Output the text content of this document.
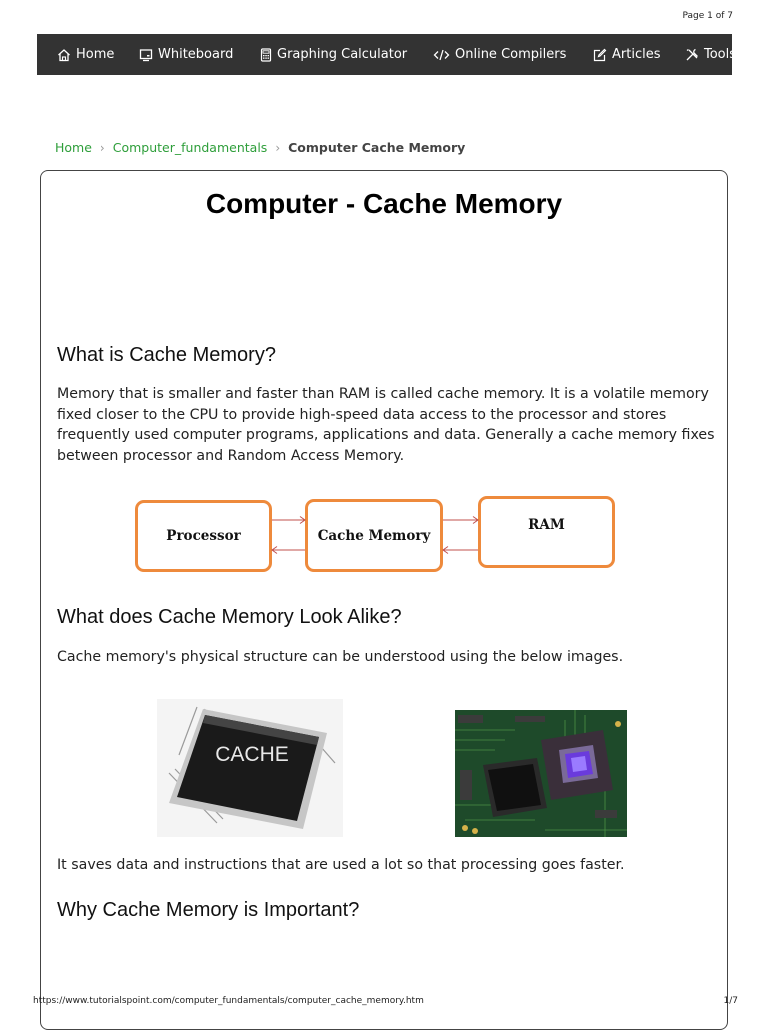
Page 1 of 7
Home	Whiteboard	Graphing Calculator	Online Compilers	Articles	Tools
Home › Computer_fundamentals › Computer Cache Memory
Computer - Cache Memory
What is Cache Memory?

Memory that is smaller and faster than RAM is called cache memory. It is a volatile memory fixed closer to the CPU to provide high-speed data access to the processor and stores frequently used computer programs, applications and data. Generally a cache memory fixes between processor and Random Access Memory.

Processor	Cache Memory
RAM
What does Cache Memory Look Alike?

Cache memory's physical structure can be understood using the below images.

CACHE

It saves data and instructions that are used a lot so that processing goes faster.

Why Cache Memory is Important?
https://www.tutorialspoint.com/computer_fundamentals/computer_cache_memory.htm	1/7
